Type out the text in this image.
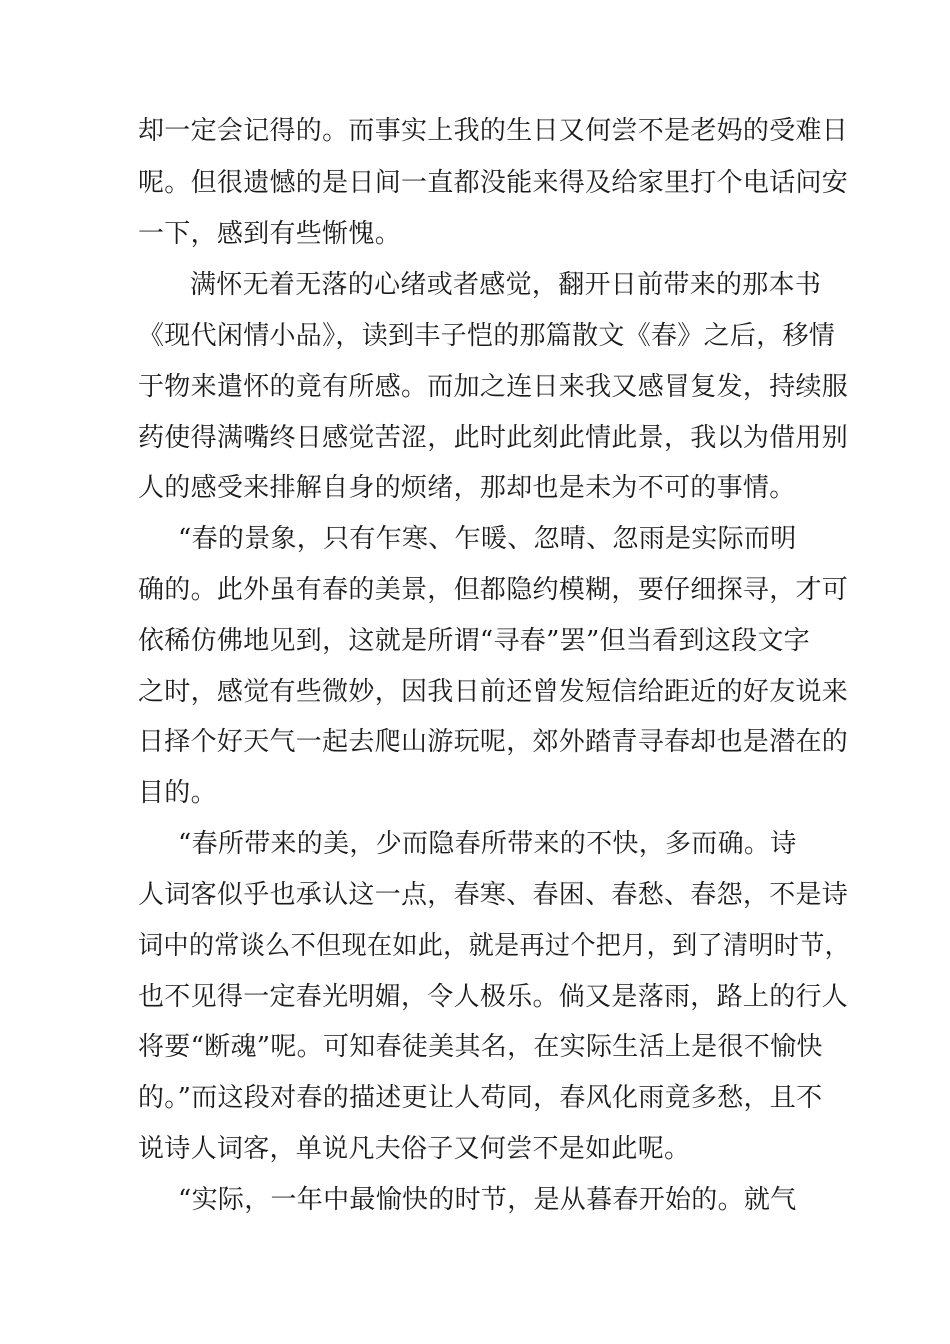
却一定会记得的。而事实上我的生日又何尝不是老妈的受难日
呢。但很遗憾的是日间一直都没能来得及给家里打个电话问安
一下，感到有些惭愧。
满怀无着无落的心绪或者感觉，翻开日前带来的那本书
《现代闲情小品》，读到丰子恺的那篇散文《春》之后，移情
于物来遣怀的竟有所感。而加之连日来我又感冒复发，持续服
药使得满嘴终日感觉苦涩，此时此刻此情此景，我以为借用别
人的感受来排解自身的烦绪，那却也是未为不可的事情。
“春的景象，只有乍寒、乍暖、忽晴、忽雨是实际而明
确的。此外虽有春的美景，但都隐约模糊，要仔细探寻，才可
依稀仿佛地见到，这就是所谓“寻春”罢”但当看到这段文字
之时，感觉有些微妙，因我日前还曾发短信给距近的好友说来
日择个好天气一起去爬山游玩呢，郊外踏青寻春却也是潜在的
目的。
“春所带来的美，少而隐春所带来的不快，多而确。诗
人词客似乎也承认这一点，春寒、春困、春愁、春怨，不是诗
词中的常谈么不但现在如此，就是再过个把月，到了清明时节，
也不见得一定春光明媚，令人极乐。倘又是落雨，路上的行人
将要“断魂”呢。可知春徒美其名，在实际生活上是很不愉快
的。”而这段对春的描述更让人苟同，春风化雨竟多愁，且不
说诗人词客，单说凡夫俗子又何尝不是如此呢。
“实际，一年中最愉快的时节，是从暮春开始的。就气
